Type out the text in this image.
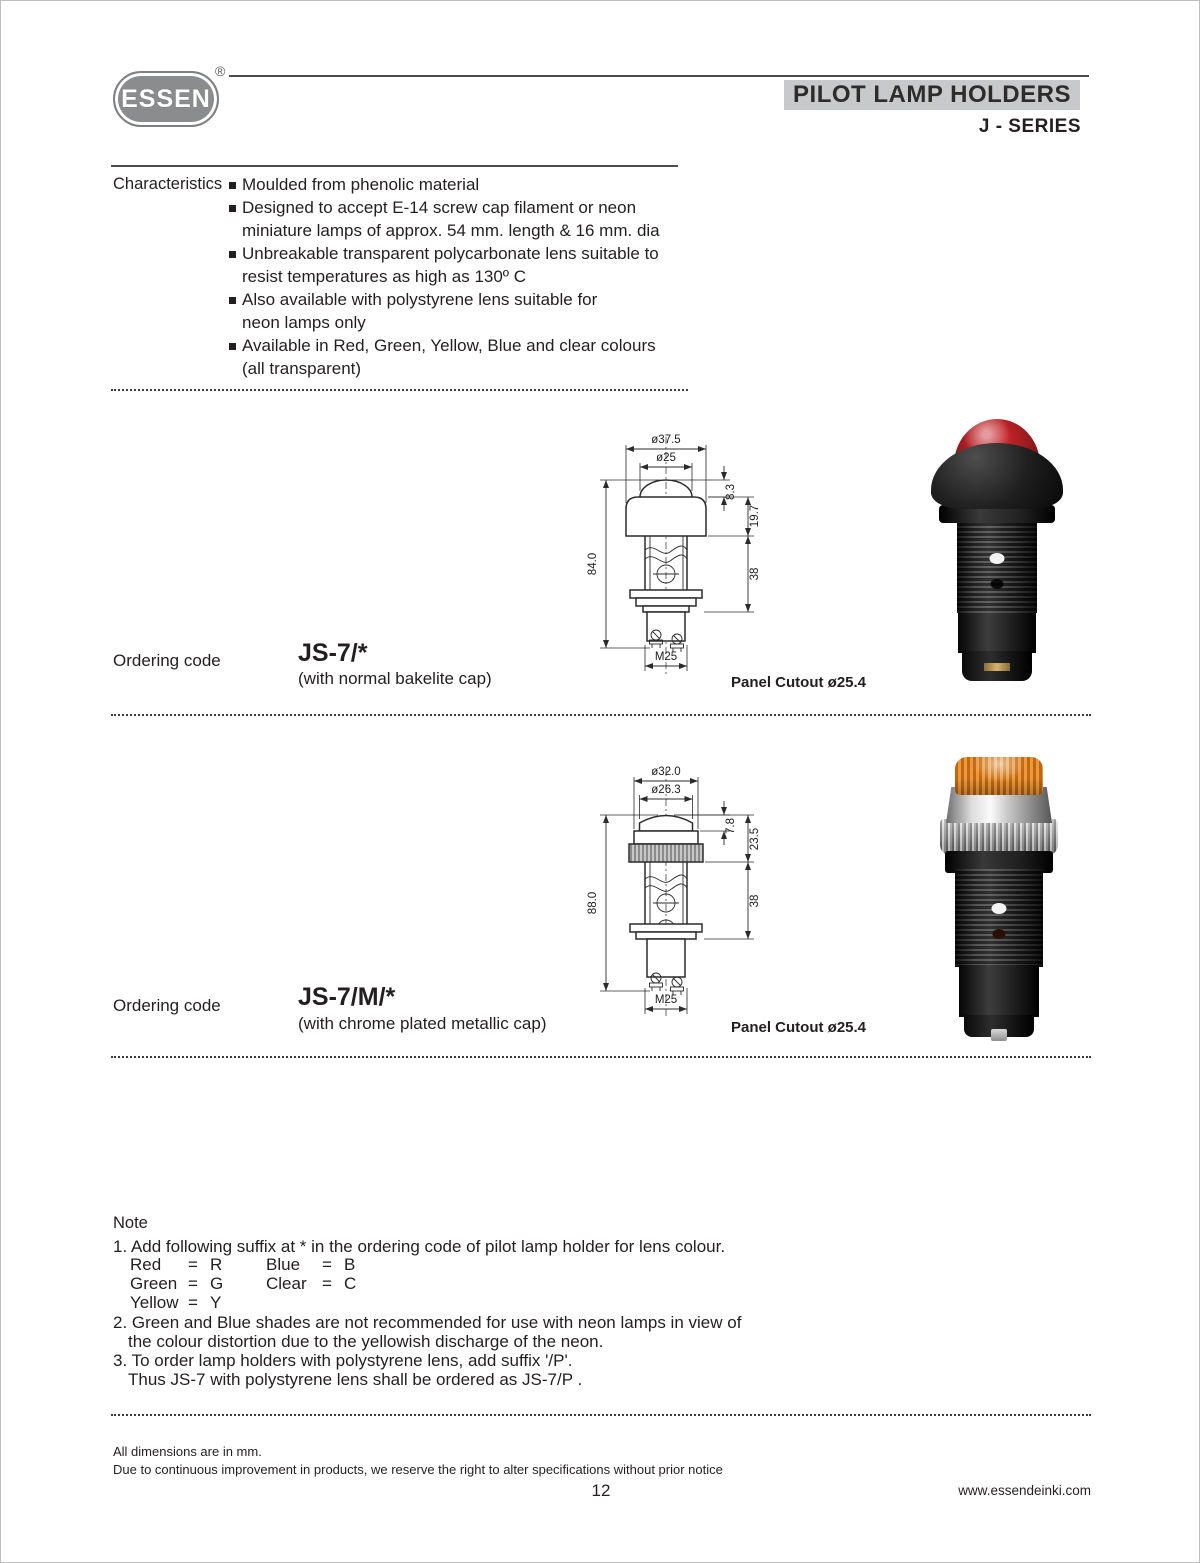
ESSEN
®
PILOT LAMP HOLDERS
J - SERIES
Characteristics Moulded from phenolic material
Designed to accept E-14 screw cap filament or neon
miniature lamps of approx. 54 mm. length & 16 mm. dia
Unbreakable transparent polycarbonate lens suitable to
resist temperatures as high as 130º C
Also available with polystyrene lens suitable for
neon lamps only
Available in Red, Green, Yellow, Blue and clear colours
(all transparent)
ø37.5
ø25
8.3
19.7
38
84.0
M25
Panel Cutout ø25.4
Ordering code	JS-7/*
(with normal bakelite cap)
ø32.0
ø26.3
7.8
23.5
38
88.0
M25
Panel Cutout ø25.4
Ordering code	JS-7/M/*
(with chrome plated metallic cap)
Note
1. Add following suffix at * in the ordering code of pilot lamp holder for lens colour.
Red	= R	Blue	= B
Green = G	Clear = C
Yellow = Y
2. Green and Blue shades are not recommended for use with neon lamps in view of
the colour distortion due to the yellowish discharge of the neon.
3. To order lamp holders with polystyrene lens, add suffix '/P'.
Thus JS-7 with polystyrene lens shall be ordered as JS-7/P .
All dimensions are in mm.
Due to continuous improvement in products, we reserve the right to alter specifications without prior notice
12	www.essendeinki.com
